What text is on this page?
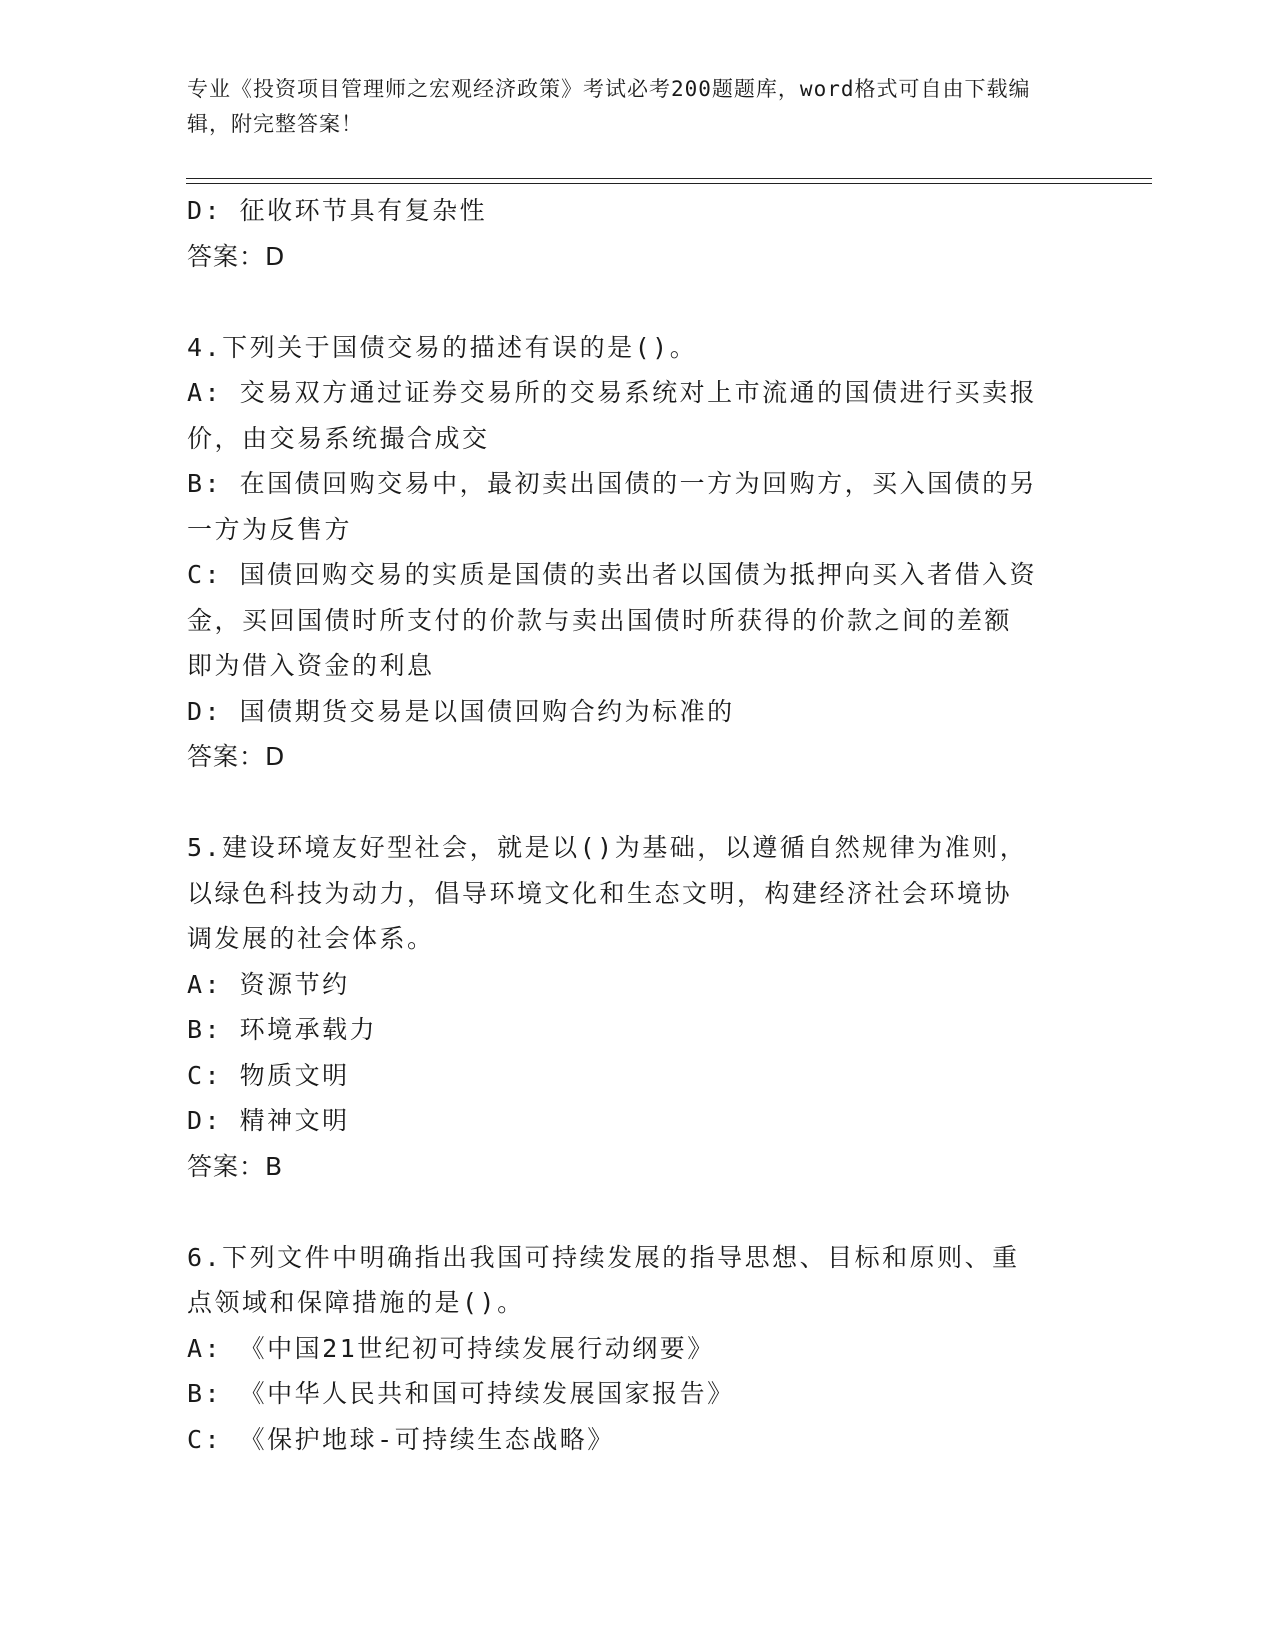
专业《投资项目管理师之宏观经济政策》考试必考200题题库，word格式可自由下载编辑，附完整答案！

D: 征收环节具有复杂性

答案：D

4.下列关于国债交易的描述有误的是()。

A: 交易双方通过证券交易所的交易系统对上市流通的国债进行买卖报

价，由交易系统撮合成交

B: 在国债回购交易中，最初卖出国债的一方为回购方，买入国债的另

一方为反售方

C: 国债回购交易的实质是国债的卖出者以国债为抵押向买入者借入资

金，买回国债时所支付的价款与卖出国债时所获得的价款之间的差额

即为借入资金的利息

D: 国债期货交易是以国债回购合约为标准的

答案：D

5.建设环境友好型社会，就是以()为基础，以遵循自然规律为准则，

以绿色科技为动力，倡导环境文化和生态文明，构建经济社会环境协

调发展的社会体系。

A: 资源节约

B: 环境承载力

C: 物质文明

D: 精神文明

答案：B

6.下列文件中明确指出我国可持续发展的指导思想、目标和原则、重

点领域和保障措施的是()。

A: 《中国21世纪初可持续发展行动纲要》

B: 《中华人民共和国可持续发展国家报告》

C: 《保护地球-可持续生态战略》
